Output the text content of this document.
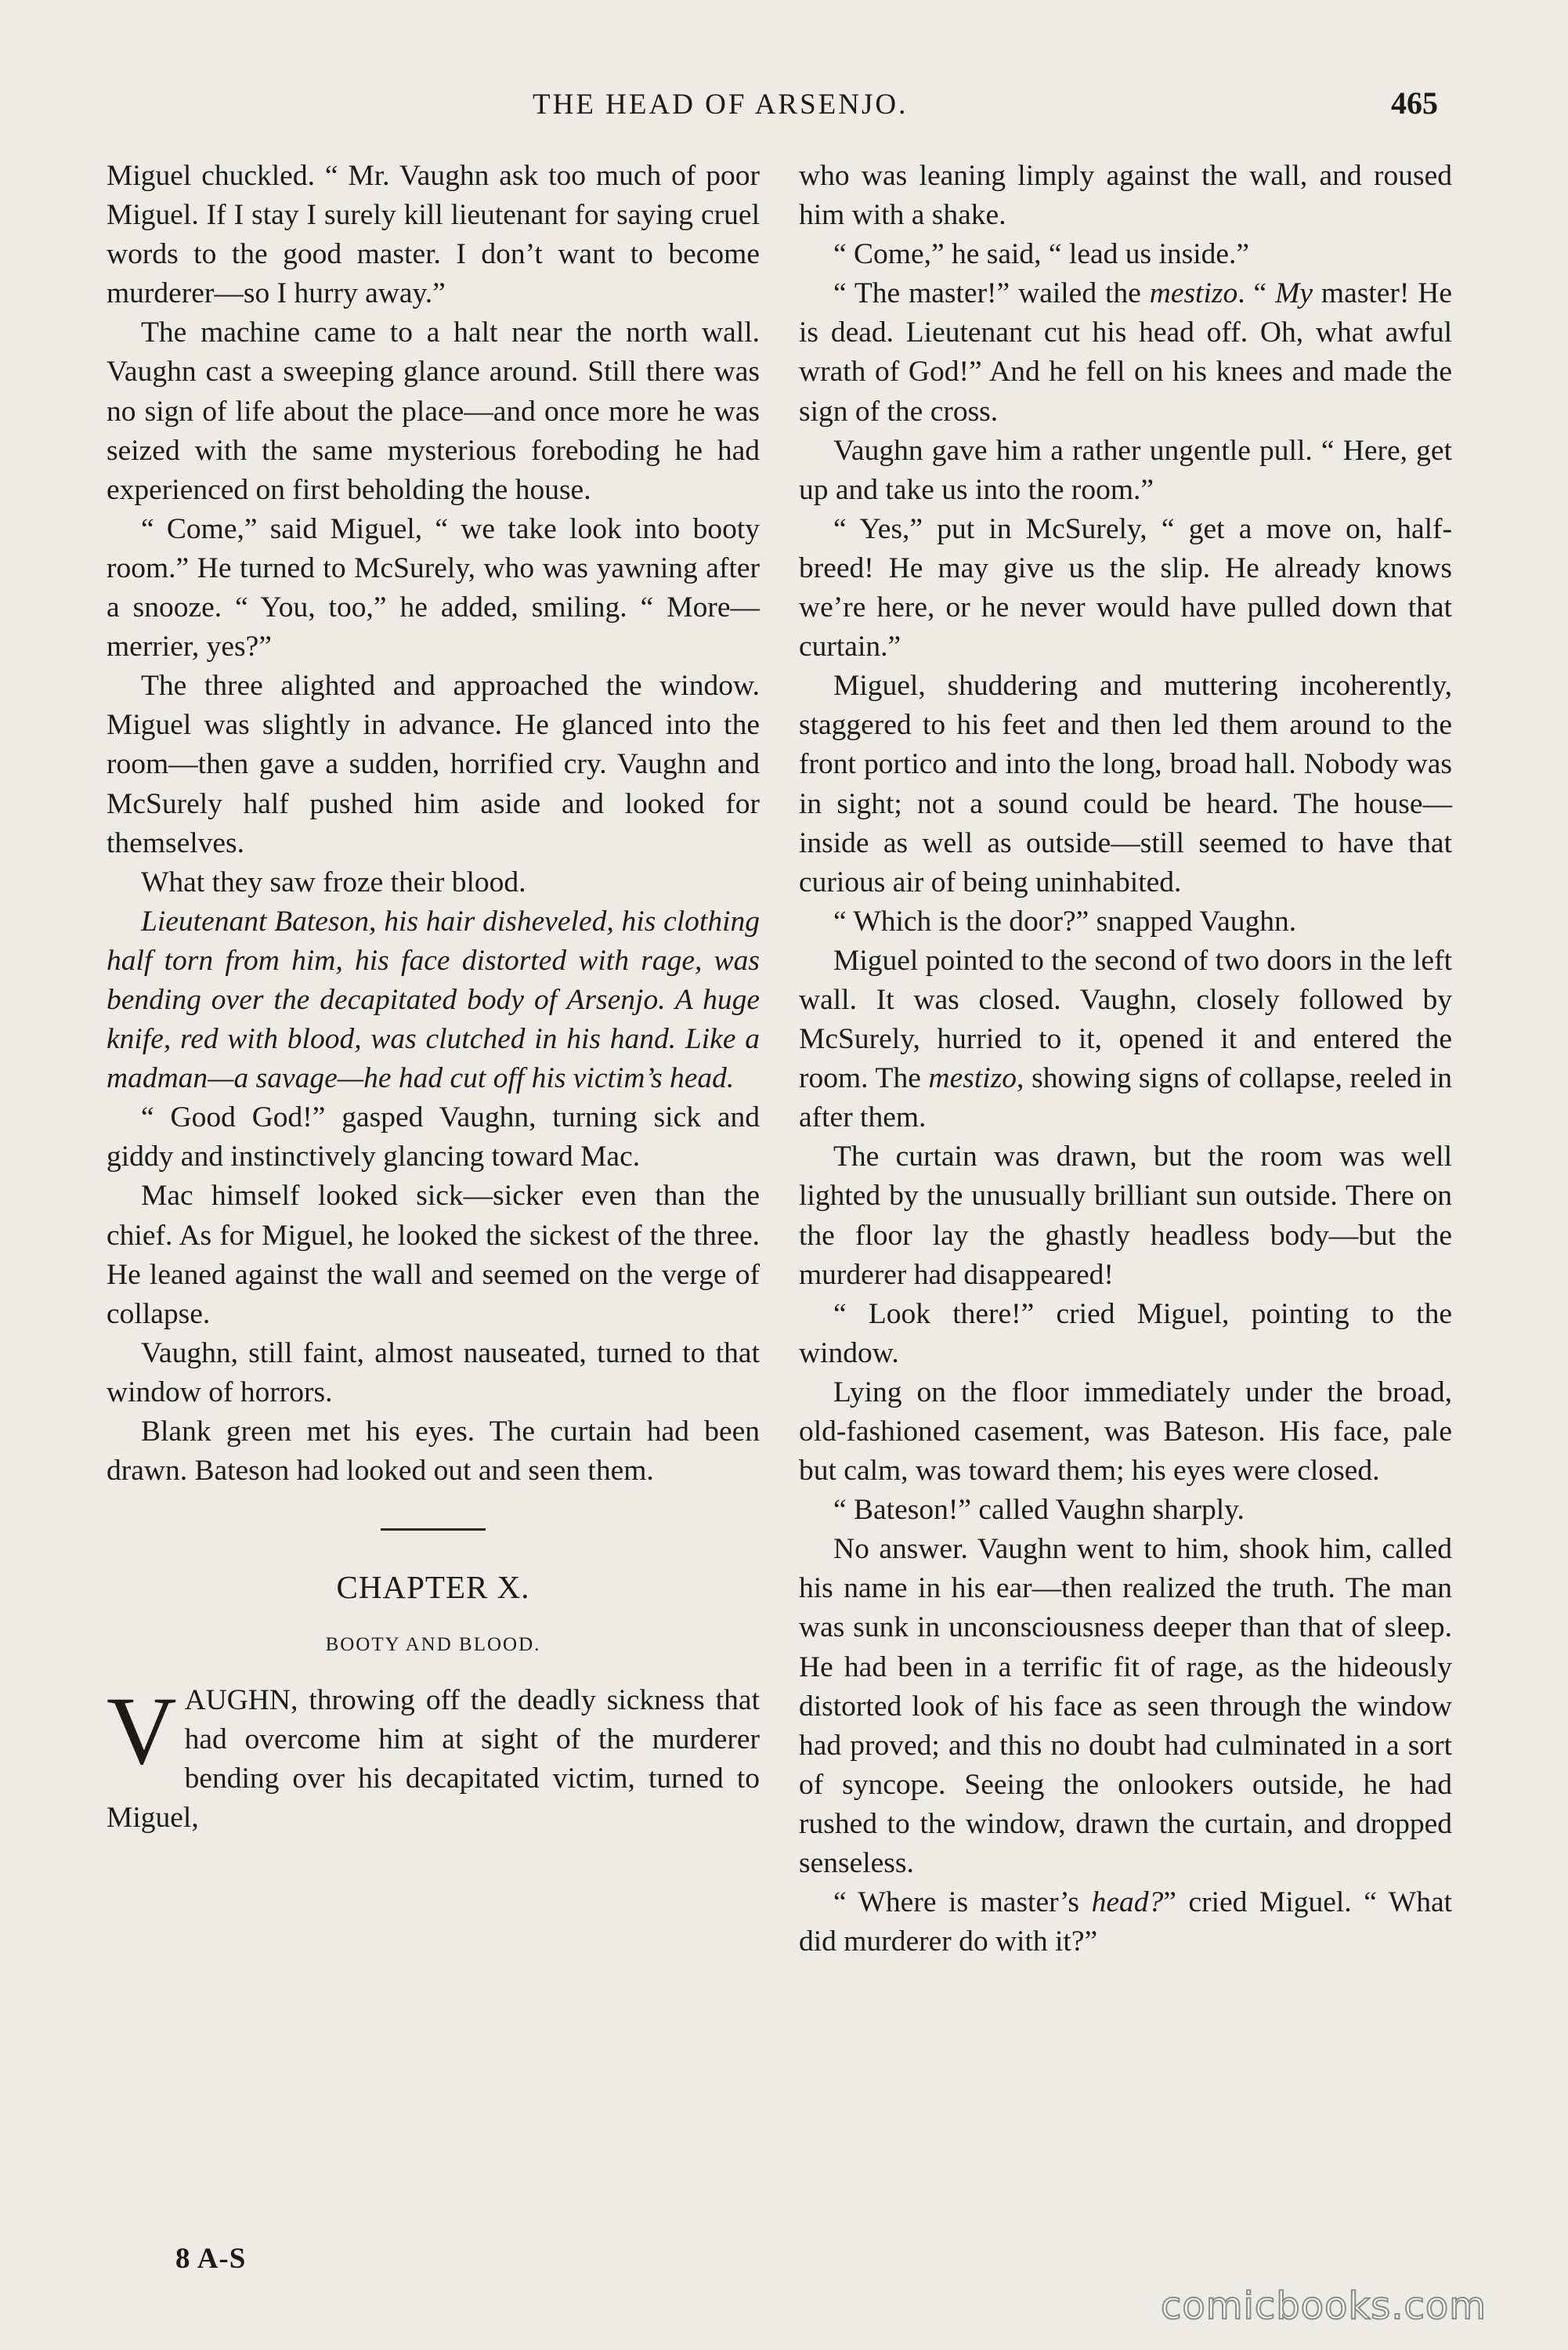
THE HEAD OF ARSENJO.	465

Miguel chuckled. “ Mr. Vaughn ask too much of poor Miguel. If I stay I surely kill lieutenant for saying cruel words to the good master. I don’t want to become murderer—so I hurry away.”

The machine came to a halt near the north wall. Vaughn cast a sweeping glance around. Still there was no sign of life about the place—and once more he was seized with the same mysterious foreboding he had experienced on first beholding the house.

“ Come,” said Miguel, “ we take look into booty room.” He turned to McSurely, who was yawning after a snooze. “ You, too,” he added, smiling. “ More—merrier, yes?”

The three alighted and approached the window. Miguel was slightly in advance. He glanced into the room—then gave a sudden, horrified cry. Vaughn and McSurely half pushed him aside and looked for themselves.

What they saw froze their blood.

Lieutenant Bateson, his hair disheveled, his clothing half torn from him, his face distorted with rage, was bending over the decapitated body of Arsenjo. A huge knife, red with blood, was clutched in his hand. Like a madman—a savage—he had cut off his victim’s head.

“ Good God!” gasped Vaughn, turning sick and giddy and instinctively glancing toward Mac.

Mac himself looked sick—sicker even than the chief. As for Miguel, he looked the sickest of the three. He leaned against the wall and seemed on the verge of collapse.

Vaughn, still faint, almost nauseated, turned to that window of horrors.

Blank green met his eyes. The curtain had been drawn. Bateson had looked out and seen them.

CHAPTER X.
BOOTY AND BLOOD.

V AUGHN, throwing off the deadly sickness that had overcome him at sight of the murderer bending over his decapitated victim, turned to Miguel,

who was leaning limply against the wall, and roused him with a shake.

“ Come,” he said, “ lead us inside.”

“ The master!” wailed the mestizo. “ My master! He is dead. Lieutenant cut his head off. Oh, what awful wrath of God!” And he fell on his knees and made the sign of the cross.

Vaughn gave him a rather ungentle pull. “ Here, get up and take us into the room.”

“ Yes,” put in McSurely, “ get a move on, half-breed! He may give us the slip. He already knows we’re here, or he never would have pulled down that curtain.”

Miguel, shuddering and muttering incoherently, staggered to his feet and then led them around to the front portico and into the long, broad hall. Nobody was in sight; not a sound could be heard. The house—inside as well as outside—still seemed to have that curious air of being uninhabited.

“ Which is the door?” snapped Vaughn.

Miguel pointed to the second of two doors in the left wall. It was closed. Vaughn, closely followed by McSurely, hurried to it, opened it and entered the room. The mestizo, showing signs of collapse, reeled in after them.

The curtain was drawn, but the room was well lighted by the unusually brilliant sun outside. There on the floor lay the ghastly headless body—but the murderer had disappeared!

“ Look there!” cried Miguel, pointing to the window.

Lying on the floor immediately under the broad, old-fashioned casement, was Bateson. His face, pale but calm, was toward them; his eyes were closed.

“ Bateson!” called Vaughn sharply.

No answer. Vaughn went to him, shook him, called his name in his ear—then realized the truth. The man was sunk in unconsciousness deeper than that of sleep. He had been in a terrific fit of rage, as the hideously distorted look of his face as seen through the window had proved; and this no doubt had culminated in a sort of syncope. Seeing the onlookers outside, he had rushed to the window, drawn the curtain, and dropped senseless.

“ Where is master’s head?” cried Miguel. “ What did murderer do with it?”

8 A-S
comicbooks.com
